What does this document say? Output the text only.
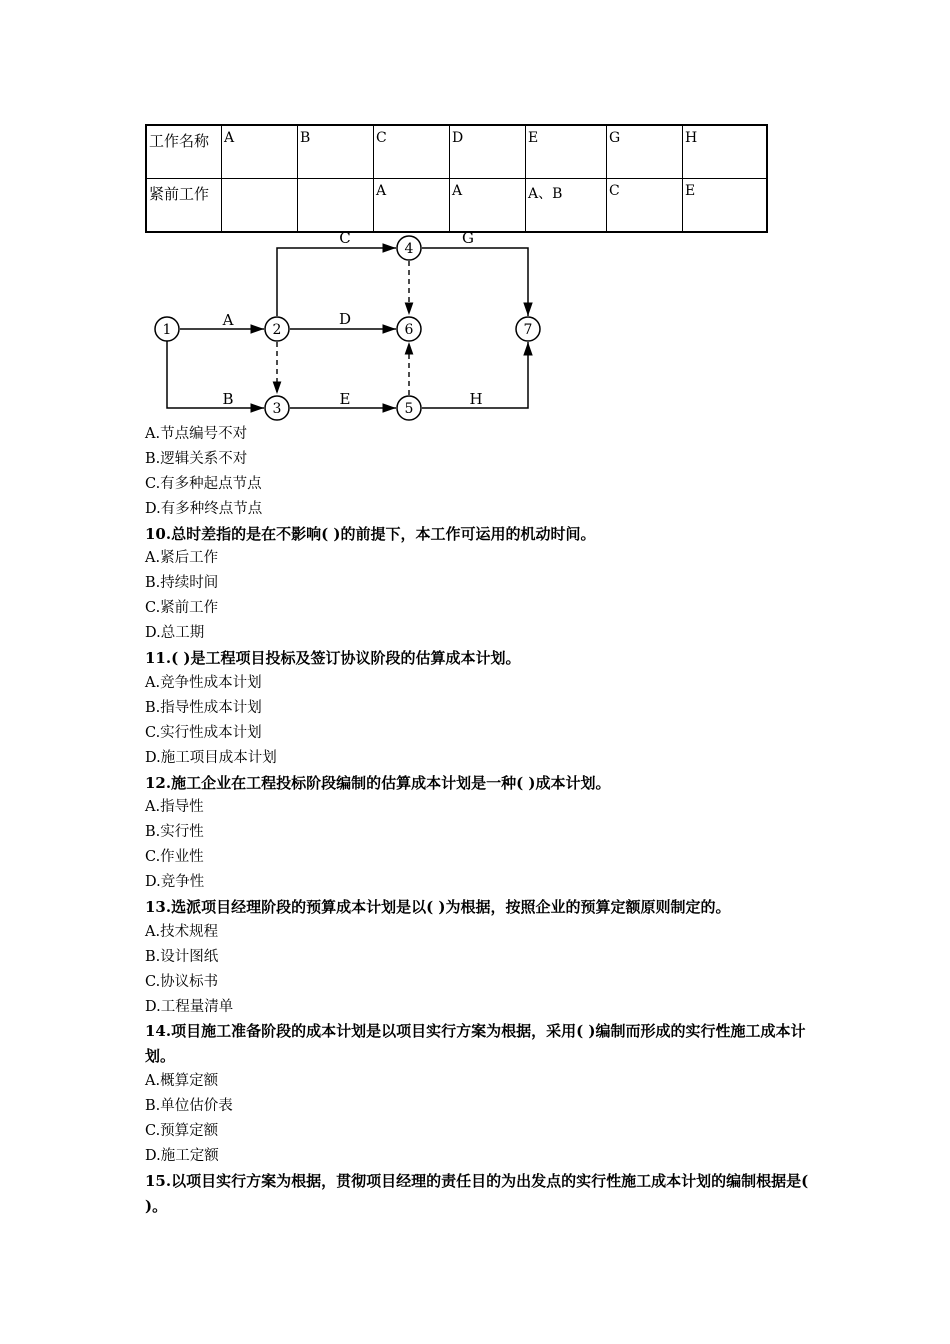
工作名称	A	B	C	D	E	G	H
紧前工作			A	A	A、B	C	E
A
B
C
D
E
G
H
1	2
3
4
5
6	7
A.节点编号不对
B.逻辑关系不对
C.有多种起点节点
D.有多种终点节点
10.总时差指的是在不影响( )的前提下，本工作可运用的机动时间。
A.紧后工作
B.持续时间
C.紧前工作
D.总工期
11.( )是工程项目投标及签订协议阶段的估算成本计划。
A.竞争性成本计划
B.指导性成本计划
C.实行性成本计划
D.施工项目成本计划
12.施工企业在工程投标阶段编制的估算成本计划是一种( )成本计划。
A.指导性
B.实行性
C.作业性
D.竞争性
13.选派项目经理阶段的预算成本计划是以( )为根据，按照企业的预算定额原则制定的。
A.技术规程
B.设计图纸
C.协议标书
D.工程量清单
14.项目施工准备阶段的成本计划是以项目实行方案为根据，采用( )编制而形成的实行性施工成本计划。
A.概算定额
B.单位估价表
C.预算定额
D.施工定额
15.以项目实行方案为根据，贯彻项目经理的责任目的为出发点的实行性施工成本计划的编制根据是( )。
